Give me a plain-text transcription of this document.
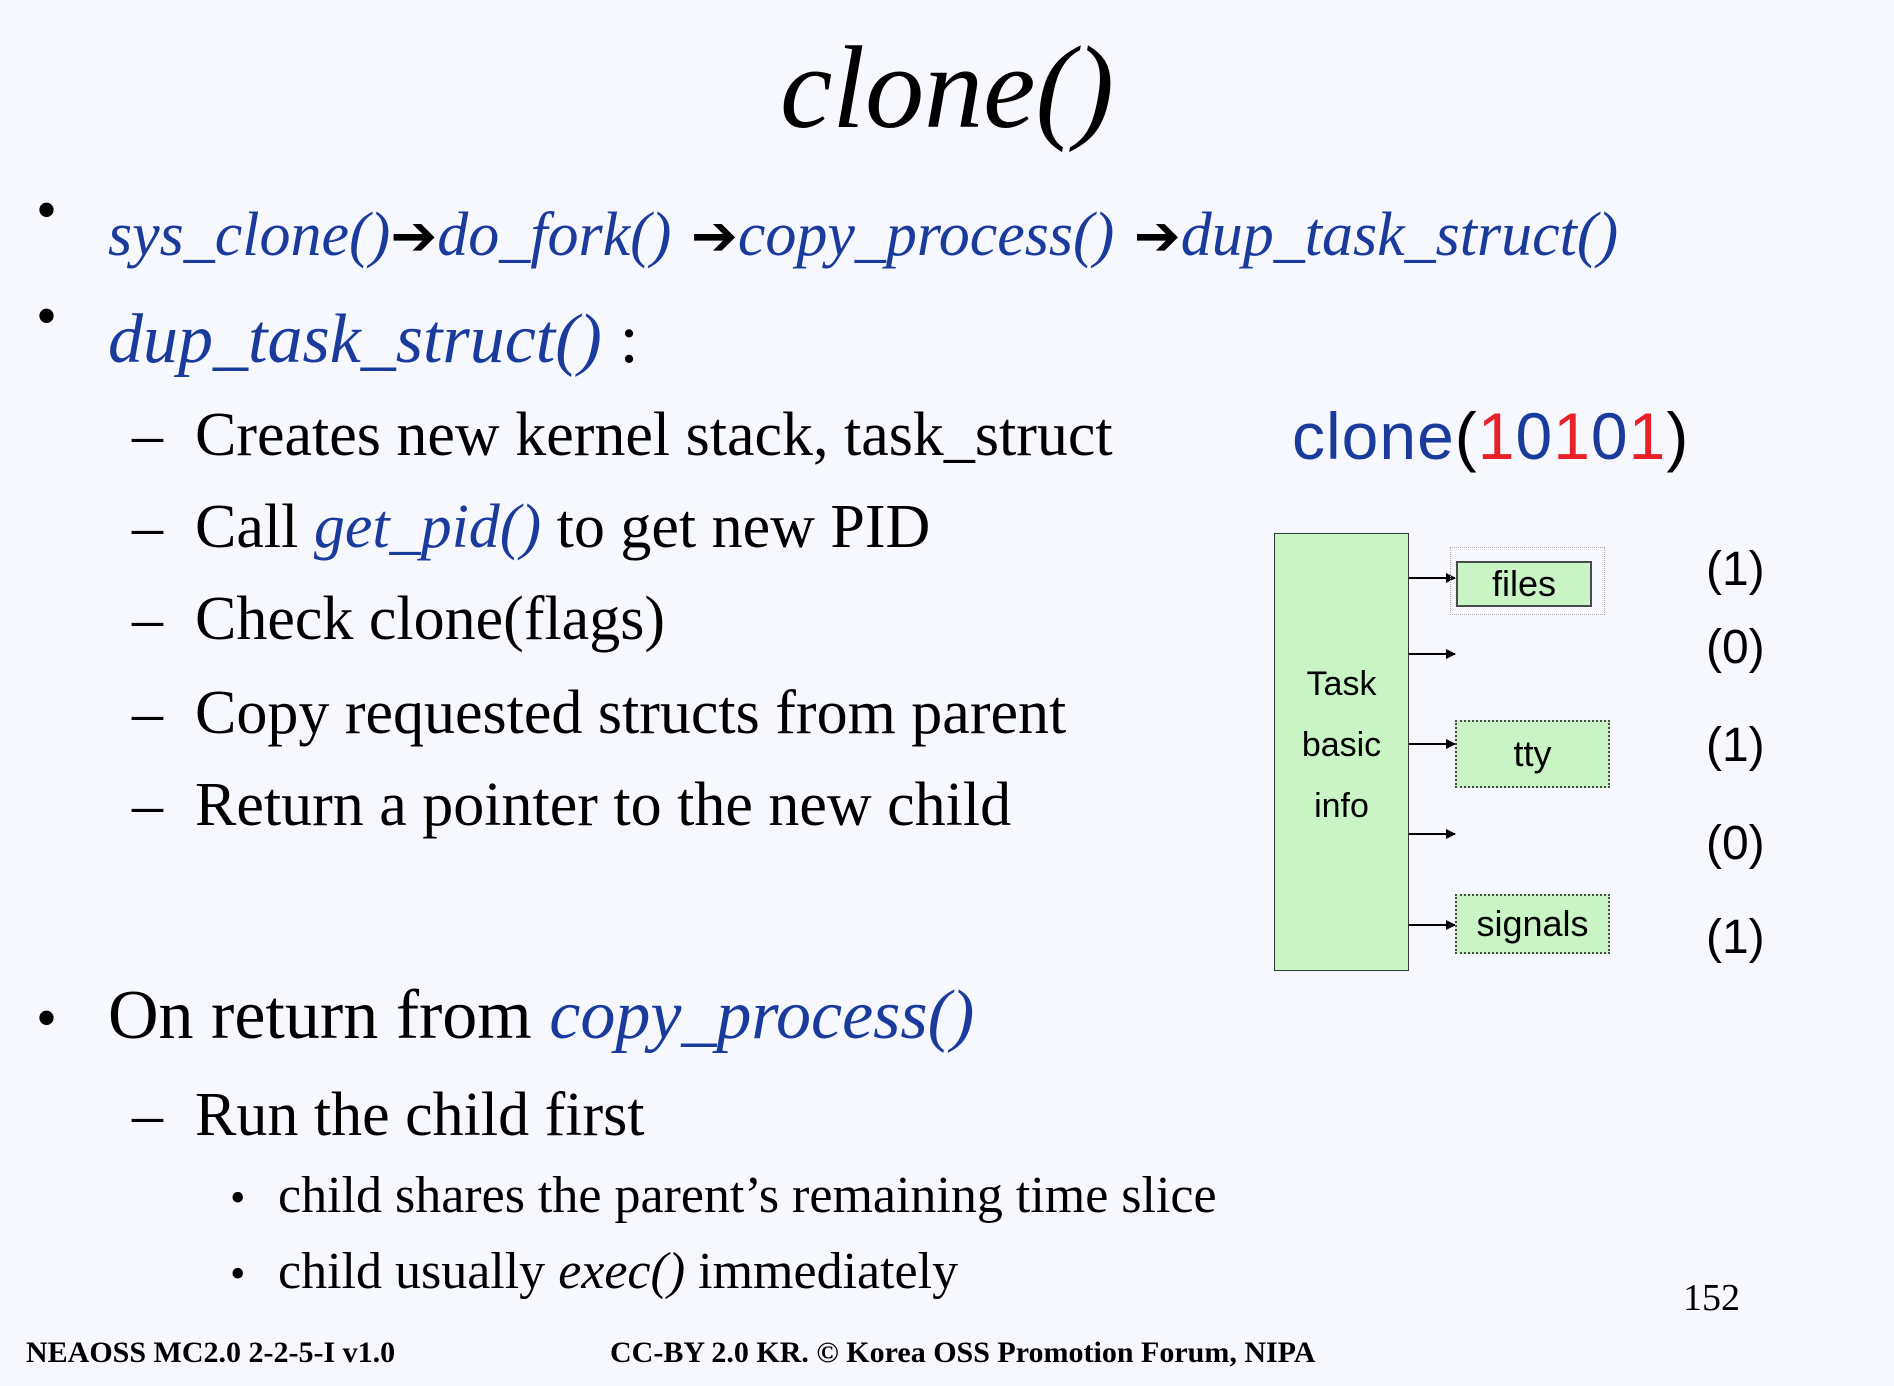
clone()
• sys_clone()➔do_fork() ➔copy_process() ➔dup_task_struct()
• dup_task_struct() :
– Creates new kernel stack, task_struct
– Call get_pid() to get new PID
– Check clone(flags)
– Copy requested structs from parent
– Return a pointer to the new child
• On return from copy_process()
– Run the child first
• child shares the parent’s remaining time slice
• child usually exec() immediately
clone(10101)
Task
basic
info
files
tty
signals
(1)
(0)
(1)
(0)
(1)
152
NEAOSS MC2.0 2-2-5-I v1.0	CC-BY 2.0 KR. © Korea OSS Promotion Forum, NIPA
